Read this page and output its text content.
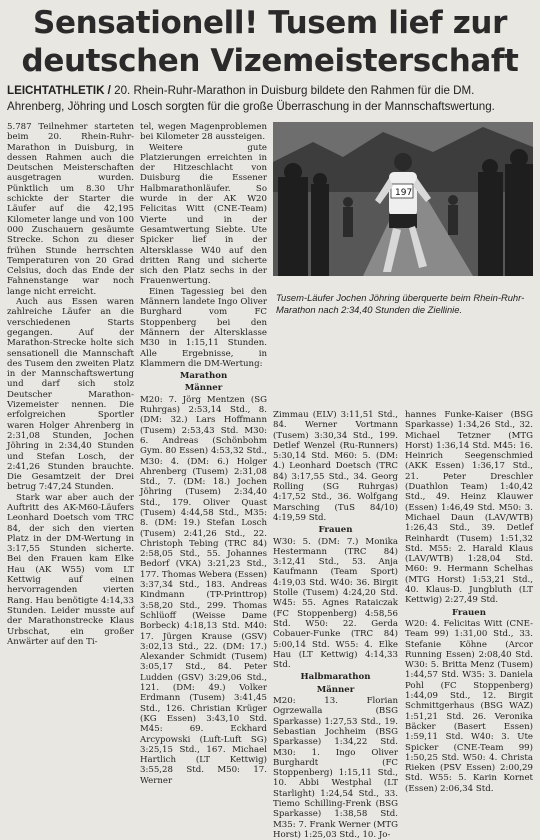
Sensationell! Tusem lief zur
deutschen Vizemeisterschaft
LEICHTATHLETIK / 20. Rhein-Ruhr-Marathon in Duisburg bildete den Rahmen für die DM. Ahrenberg, Jöhring und Losch sorgten für die große Überraschung in der Mannschaftswertung.

5.787 Teilnehmer starteten beim 20. Rhein-Ruhr-Marathon in Duisburg, in dessen Rahmen auch die Deutschen Meisterschaften ausgetragen wurden. Pünktlich um 8.30 Uhr schickte der Starter die Läufer auf die 42,195 Kilometer lange und von 100 000 Zuschauern gesäumte Strecke. Schon zu dieser frühen Stunde herrschten Temperaturen von 20 Grad Celsius, doch das Ende der Fahnenstange war noch lange nicht erreicht.

Auch aus Essen waren zahlreiche Läufer an die verschiedenen Starts gegangen. Auf der Marathon-Strecke holte sich sensationell die Mannschaft des Tusem den zweiten Platz in der Mannschaftswertung und darf sich stolz Deutscher Marathon-Vizemeister nennen. Die erfolgreichen Sportler waren Holger Ahrenberg in 2:31,08 Stunden, Jochen Jöhring in 2:34,40 Stunden und Stefan Losch, der 2:41,26 Stunden brauchte. Die Gesamtzeit der Drei betrug 7:47,24 Stunden.

Stark war aber auch der Auftritt des AK-M60-Läufers Leonhard Doetsch vom TRC 84, der sich den vierten Platz in der DM-Wertung in 3:17,55 Stunden sicherte. Bei den Frauen kam Elke Hau (AK W55) vom LT Kettwig auf einen hervorragenden vierten Rang. Hau benötigte 4:14,33 Stunden. Leider musste auf der Marathonstrecke Klaus Urbschat, ein großer Anwärter auf den Ti-

tel, wegen Magenproblemen bei Kilometer 28 aussteigen.

Weitere gute Platzierungen erreichten in der Hitzeschlacht von Duisburg die Essener Halbmarathonläufer. So wurde in der AK W20 Felicitas Witt (CNE-Team) Vierte und in der Gesamtwertung Siebte. Ute Spicker lief in der Altersklasse W40 auf den dritten Rang und sicherte sich den Platz sechs in der Frauenwertung.

Einen Tagessieg bei den Männern landete Ingo Oliver Burghard vom FC Stoppenberg bei den Männern der Altersklasse M30 in 1:15,11 Stunden. Alle Ergebnisse, in Klammern die DM-Wertung:

Marathon

Männer

M20: 7. Jörg Mentzen (SG Ruhrgas) 2:53,14 Std., 8. (DM: 32.) Lars Hoffmann (Tusem) 2:53,43 Std. M30: 6. Andreas (Schönbohm Gym. 80 Essen) 4:53,32 Std., M30: 4. (DM: 6.) Holger Ahrenberg (Tusem) 2:31,08 Std., 7. (DM: 18.) Jochen Jöhring (Tusem) 2:34,40 Std., 179. Oliver Quast (Tusem) 4:44,58 Std., M35: 8. (DM: 19.) Stefan Losch (Tusem) 2:41,26 Std., 22. Christoph Tebing (TRC 84) 2:58,05 Std., 55. Johannes Bedorf (VKA) 3:21,23 Std., 177. Thomas Webera (Essen) 3:37,34 Std., 183. Andreas Kindmann (TP-Printtrop) 3:58,20 Std., 299. Thomas Schlüoff (Weisse Dame Borbeck) 4:18,13 Std. M40: 17. Jürgen Krause (GSV) 3:02,13 Std., 22. (DM: 17.) Alexander Schmidt (Tusem) 3:05,17 Std., 84. Peter Ludden (GSV) 3:29,06 Std., 121. (DM: 49.) Volker Erdmann (Tusem) 3:41,45 Std., 126. Christian Krüger (KG Essen) 3:43,10 Std. M45: 69. Eckhard Arcypowski (Luft-Luft SG) 3:25,15 Std., 167. Michael Hartlich (LT Kettwig) 3:55,28 Std. M50: 17. Werner

197
Tusem-Läufer Jochen Jöhring überquerte beim Rhein-Ruhr-Marathon nach 2:34,40 Stunden die Ziellinie.

Zimmau (ELV) 3:11,51 Std., 84. Werner Vortmann (Tusem) 3:30,34 Std., 199. Detlef Wenzel (Ru-Runners) 5:30,14 Std. M60: 5. (DM: 4.) Leonhard Doetsch (TRC 84) 3:17,55 Std., 34. Georg Rolling (SG Ruhrgas) 4:17,52 Std., 36. Wolfgang Marsching (TuS 84/10) 4:19,59 Std.

Frauen

W30: 5. (DM: 7.) Monika Hestermann (TRC 84) 3:12,41 Std., 53. Anja Kaufmann (Team Sport) 4:19,03 Std. W40: 36. Birgit Stolle (Tusem) 4:24,20 Std. W45: 55. Agnes Rataiczak (FC Stoppenberg) 4:58,56 Std. W50: 22. Gerda Cobauer-Funke (TRC 84) 5:00,14 Std. W55: 4. Elke Hau (LT Kettwig) 4:14,33 Std.

Halbmarathon

Männer

M20: 13. Florian Ogrzewalla (BSG Sparkasse) 1:27,53 Std., 19. Sebastian Jochheim (BSG Sparkasse) 1:34,22 Std. M30: 1. Ingo Oliver Burghardt (FC Stoppenberg) 1:15,11 Std., 10. Abbi Westphal (LT Starlight) 1:24,54 Std., 33. Tiemo Schilling-Frenk (BSG Sparkasse) 1:38,58 Std. M35: 7. Frank Werner (MTG Horst) 1:25,03 Std., 10. Jo-

hannes Funke-Kaiser (BSG Sparkasse) 1:34,26 Std., 32. Michael Tetzner (MTG Horst) 1:36,14 Std. M45: 16. Heinrich Seegenschmied (AKK Essen) 1:36,17 Std., 21. Peter Dreschler (Duathlon Team) 1:40,42 Std., 49. Heinz Klauwer (Essen) 1:46,49 Std. M50: 3. Michael Daun (LAV/WTB) 1:26,43 Std., 39. Detlef Reinhardt (Tusem) 1:51,32 Std. M55: 2. Harald Klaus (LAV/WTB) 1:28,04 Std. M60: 9. Hermann Schelhas (MTG Horst) 1:53,21 Std., 40. Klaus-D. Jungbluth (LT Kettwig) 2:27,49 Std.

Frauen

W20: 4. Felicitas Witt (CNE-Team 99) 1:31,00 Std., 33. Stefanie Köhne (Arcor Running Essen) 2:08,40 Std. W30: 5. Britta Menz (Tusem) 1:44,57 Std. W35: 3. Daniela Pohl (FC Stoppenberg) 1:44,09 Std., 12. Birgit Schmittgerhaus (BSG WAZ) 1:51,21 Std. 26. Veronika Bäcker (Basert Essen) 1:59,11 Std. W40: 3. Ute Spicker (CNE-Team 99) 1:50,25 Std. W50: 4. Christa Rieken (PSV Essen) 2:00,29 Std. W55: 5. Karin Kornet (Essen) 2:06,34 Std.
